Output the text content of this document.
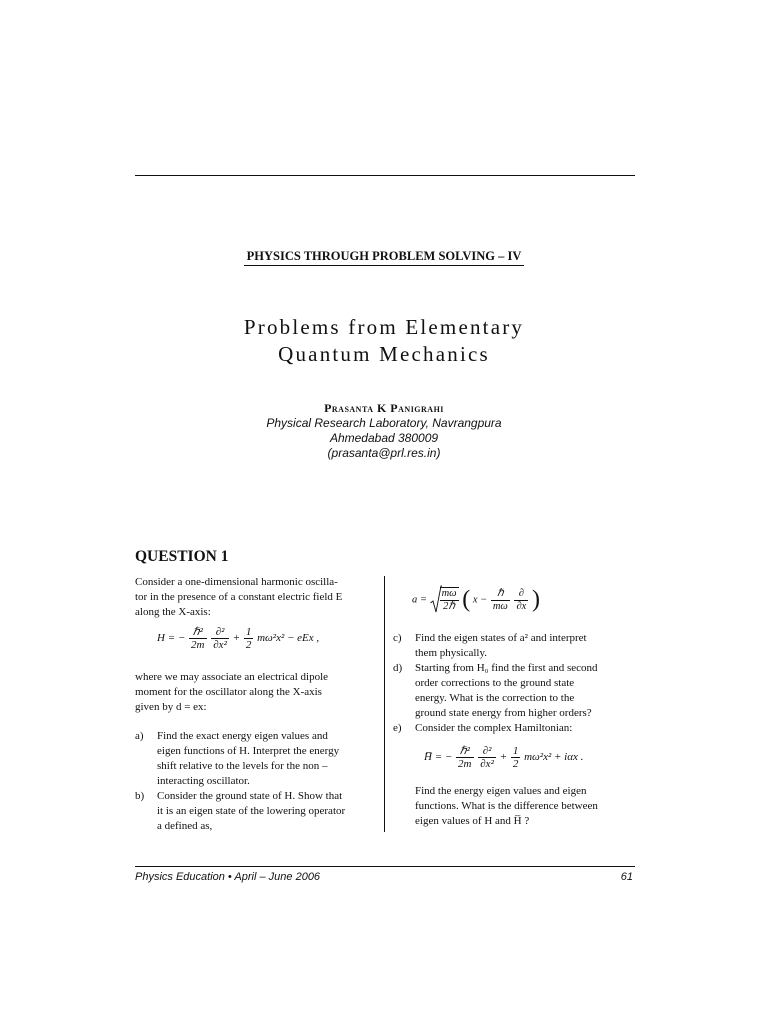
PHYSICS THROUGH PROBLEM SOLVING – IV
Problems from Elementary
Quantum Mechanics
Prasanta K Panigrahi
Physical Research Laboratory, Navrangpura
Ahmedabad 380009
(prasanta@prl.res.in)
QUESTION 1
Consider a one-dimensional harmonic oscilla-
tor in the presence of a constant electric field E
along the X-axis:
H = − $\frac{\text{ℏ²}}{2m}$
$\frac{\text{∂²}}{\text{∂x²}} + \frac{1}{2} m\omega^2x^2$ − eEx ,
where we may associate an electrical dipole
moment for the oscillator along the X-axis
given by d = ex:
a) Find the exact energy eigen values and
eigen functions of H. Interpret the energy
shift relative to the levels for the non –
interacting oscillator.
b) Consider the ground state of H. Show that
it is an eigen state of the lowering operator
a defined as,
$a = \frac{m\omega}{\text{2ℏ}}$ ( $x - \frac{\text{ℏ}}{m\omega}$
$\frac{\partial}{\partial x}$ )
c) Find the eigen states of a² and interpret
them physically.
d) Starting from H₀ find the first and second
order corrections to the ground state
energy. What is the correction to the
ground state energy from higher orders?
e) Consider the complex Hamiltonian:
H̅ = − $\frac{\text{ℏ²}}{2m}$
$\frac{\text{∂²}}{\text{∂x²}} + \frac{1}{2} m\omega^2x^2 + i\alpha x$ .
Find the energy eigen values and eigen
functions. What is the difference between
eigen values of H and H̅ ?
Physics Education • April – June 2006	61
